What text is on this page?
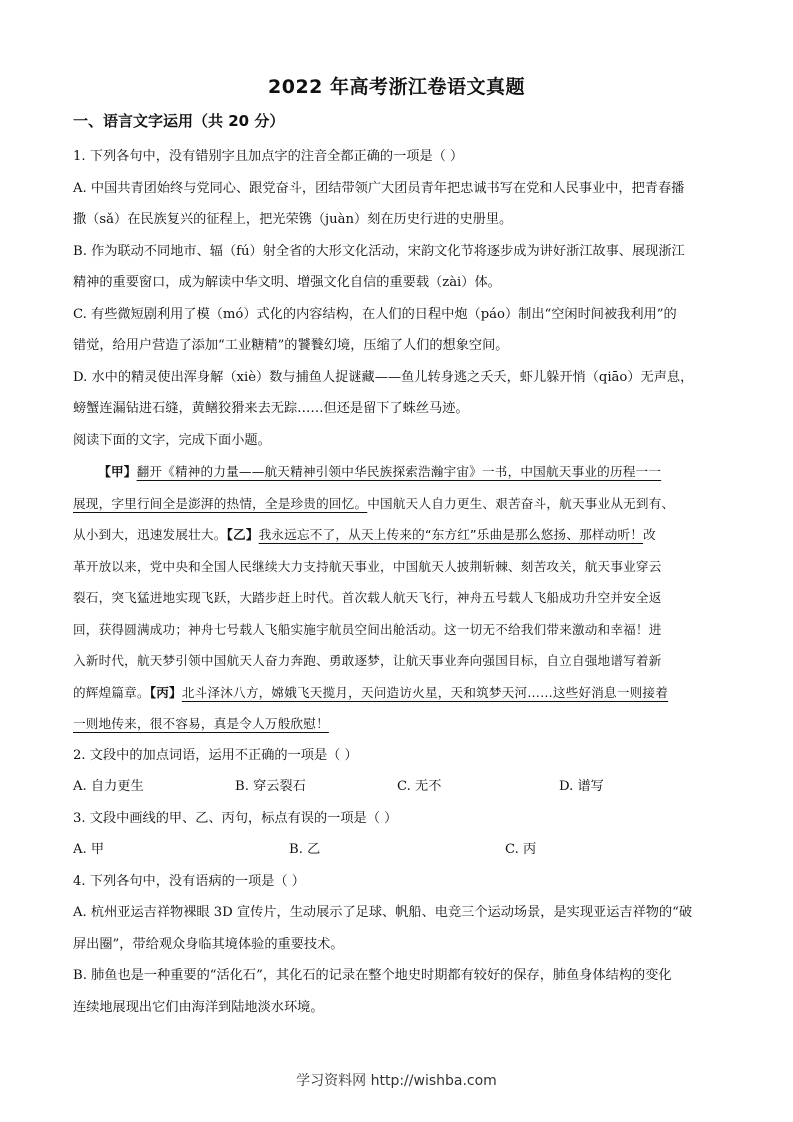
2022 年高考浙江卷语文真题
一、语言文字运用（共 20 分）

1. 下列各句中，没有错别字且加点字的注音全都正确的一项是（ ）

A. 中国共青团始终与党同心、跟党奋斗，团结带领广大团员青年把忠诚书写在党和人民事业中，把青春播

撒（sǎ）在民族复兴的征程上，把光荣镌（juàn）刻在历史行进的史册里。

B. 作为联动不同地市、辐（fú）射全省的大形文化活动，宋韵文化节将逐步成为讲好浙江故事、展现浙江

精神的重要窗口，成为解读中华文明、增强文化自信的重要载（zài）体。

C. 有些微短剧利用了模（mó）式化的内容结构，在人们的日程中炮（páo）制出“空闲时间被我利用”的

错觉，给用户营造了添加“工业糖精”的饕餮幻境，压缩了人们的想象空间。

D. 水中的精灵使出浑身解（xiè）数与捕鱼人捉谜藏——鱼儿转身逃之夭夭，虾儿躲开悄（qiāo）无声息，

螃蟹连漏钻进石缝，黄鳝狡猾来去无踪……但还是留下了蛛丝马迹。

阅读下面的文字，完成下面小题。

【甲】翻开《精神的力量——航天精神引领中华民族探索浩瀚宇宙》一书，中国航天事业的历程一一

展现，字里行间全是澎湃的热情，全是珍贵的回忆。中国航天人自力更生、艰苦奋斗，航天事业从无到有、

从小到大，迅速发展壮大。【乙】我永远忘不了，从天上传来的“东方红”乐曲是那么悠扬、那样动听！改

革开放以来，党中央和全国人民继续大力支持航天事业，中国航天人披荆斩棘、刻苦攻关，航天事业穿云

裂石，突飞猛进地实现飞跃，大踏步赶上时代。首次载人航天飞行，神舟五号载人飞船成功升空并安全返

回，获得圆满成功；神舟七号载人飞船实施宇航员空间出舱活动。这一切无不给我们带来激动和幸福！进

入新时代，航天梦引领中国航天人奋力奔跑、勇敢逐梦，让航天事业奔向强国目标，自立自强地谱写着新

的辉煌篇章。【丙】北斗泽沐八方，嫦娥飞天揽月，天问造访火星，天和筑梦天河……这些好消息一则接着

一则地传来，很不容易，真是令人万般欣慰！

2. 文段中的加点词语，运用不正确的一项是（ ）

A. 自力更生	B. 穿云裂石	C. 无不	D. 谱写

3. 文段中画线的甲、乙、丙句，标点有误的一项是（ ）

A. 甲	B. 乙	C. 丙

4. 下列各句中，没有语病的一项是（ ）

A. 杭州亚运吉祥物裸眼 3D 宣传片，生动展示了足球、帆船、电竞三个运动场景，是实现亚运吉祥物的“破

屏出圈”，带给观众身临其境体验的重要技术。

B. 肺鱼也是一种重要的“活化石”，其化石的记录在整个地史时期都有较好的保存，肺鱼身体结构的变化

连续地展现出它们由海洋到陆地淡水环境。

学习资料网 http://wishba.com
